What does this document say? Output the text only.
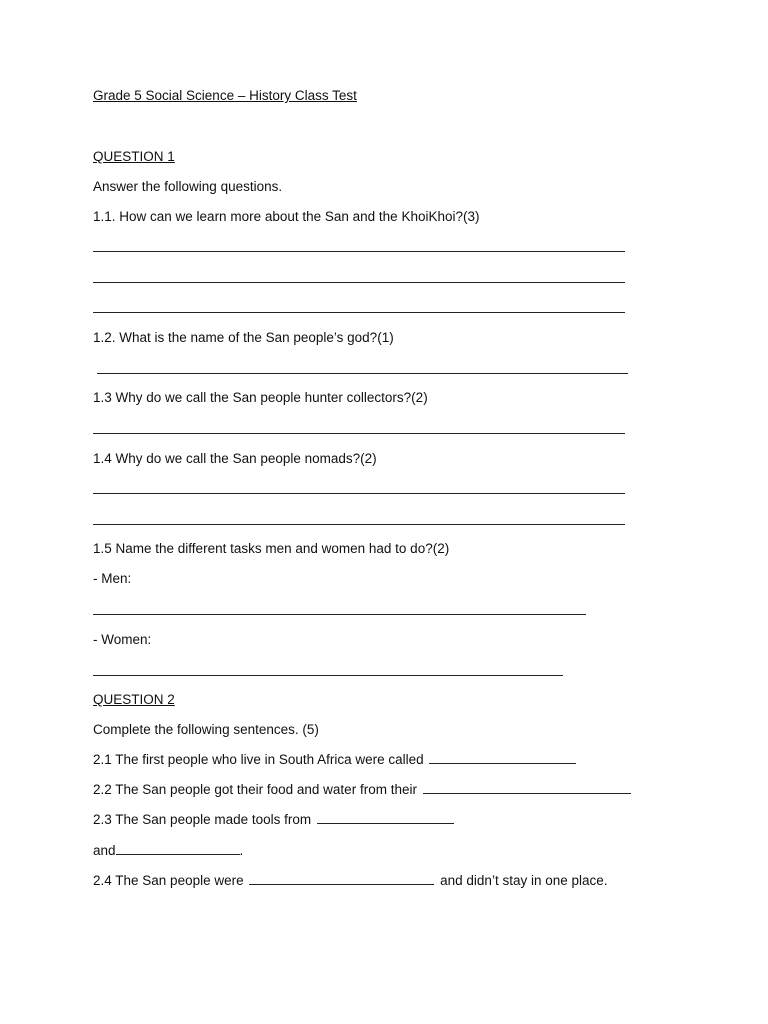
Grade 5 Social Science – History Class Test
QUESTION 1
Answer the following questions.
1.1. How can we learn more about the San and the KhoiKhoi?(3)
1.2. What is the name of the San people’s god?(1)
1.3 Why do we call the San people hunter collectors?(2)
1.4 Why do we call the San people nomads?(2)
1.5 Name the different tasks men and women had to do?(2)
- Men:
- Women:
QUESTION 2
Complete the following sentences. (5)
2.1 The first people who live in South Africa were called
2.2 The San people got their food and water from their
2.3 The San people made tools from
and	.
2.4 The San people were	and didn’t stay in one place.
